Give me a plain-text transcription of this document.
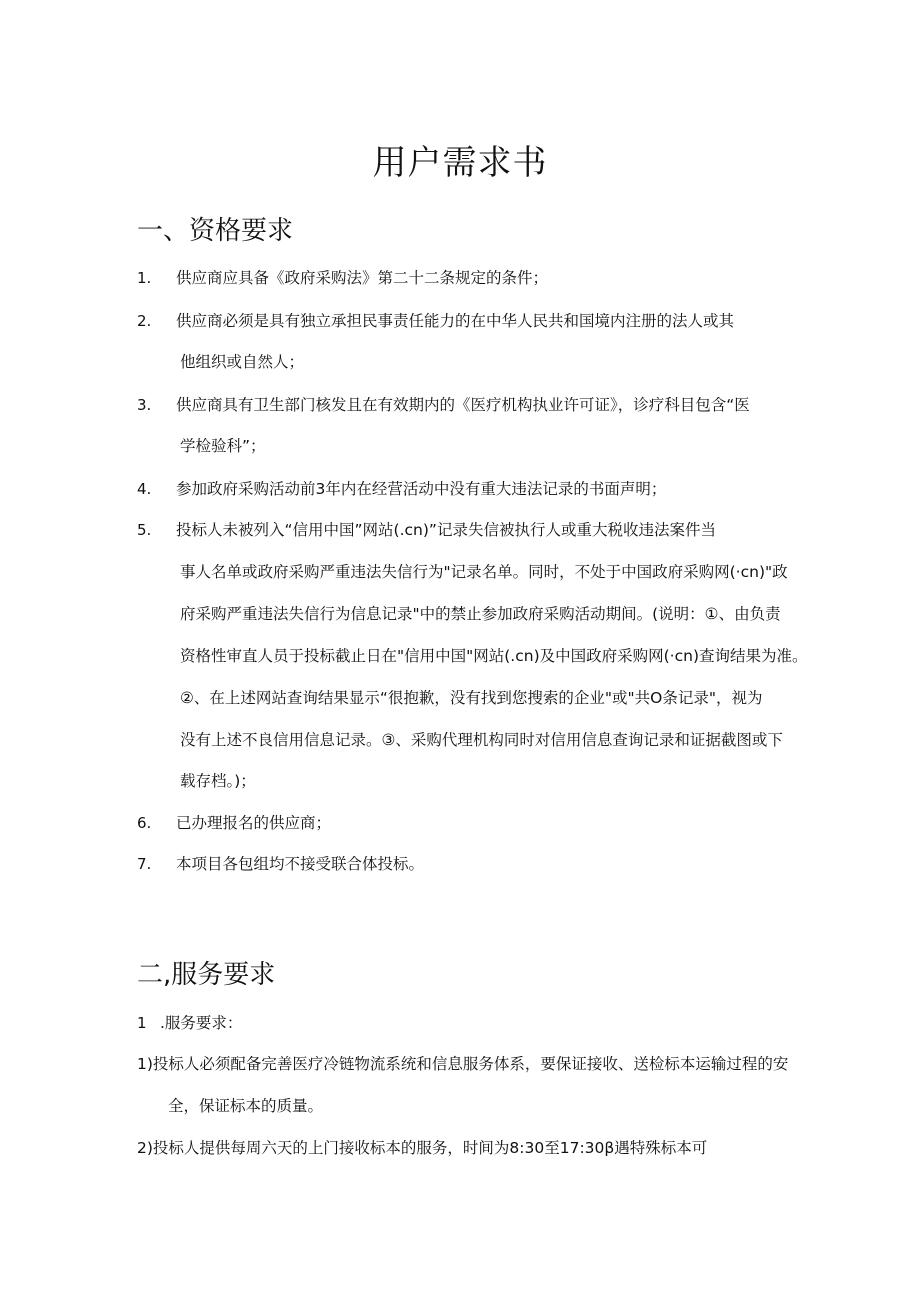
用户需求书
一、资格要求
1. 供应商应具备《政府采购法》第二十二条规定的条件；
2. 供应商必须是具有独立承担民事责任能力的在中华人民共和国境内注册的法人或其
他组织或自然人；
3. 供应商具有卫生部门核发且在有效期内的《医疗机构执业许可证》，诊疗科目包含“医
学检验科”；
4. 参加政府采购活动前3年内在经营活动中没有重大违法记录的书面声明；
5. 投标人未被列入“信用中国”网站(.cn)”记录失信被执行人或重大税收违法案件当
事人名单或政府采购严重违法失信行为"记录名单。同时，不处于中国政府采购网(·cn)"政
府采购严重违法失信行为信息记录"中的禁止参加政府采购活动期间。(说明：①、由负责
资格性审直人员于投标截止日在"信用中国"网站(.cn)及中国政府采购网(·cn)查询结果为准。
②、在上述网站查询结果显示“很抱歉，没有找到您搜索的企业"或"共O条记录"，视为
没有上述不良信用信息记录。③、采购代理机构同时对信用信息查询记录和证据截图或下
载存档。)；
6. 已办理报名的供应商；
7. 本项目各包组均不接受联合体投标。
二,服务要求
1 .服务要求：
1)投标人必须配备完善医疗冷链物流系统和信息服务体系，要保证接收、送检标本运输过程的安
全，保证标本的质量。
2)投标人提供每周六天的上门接收标本的服务，时间为8:30至17:30β遇特殊标本可
